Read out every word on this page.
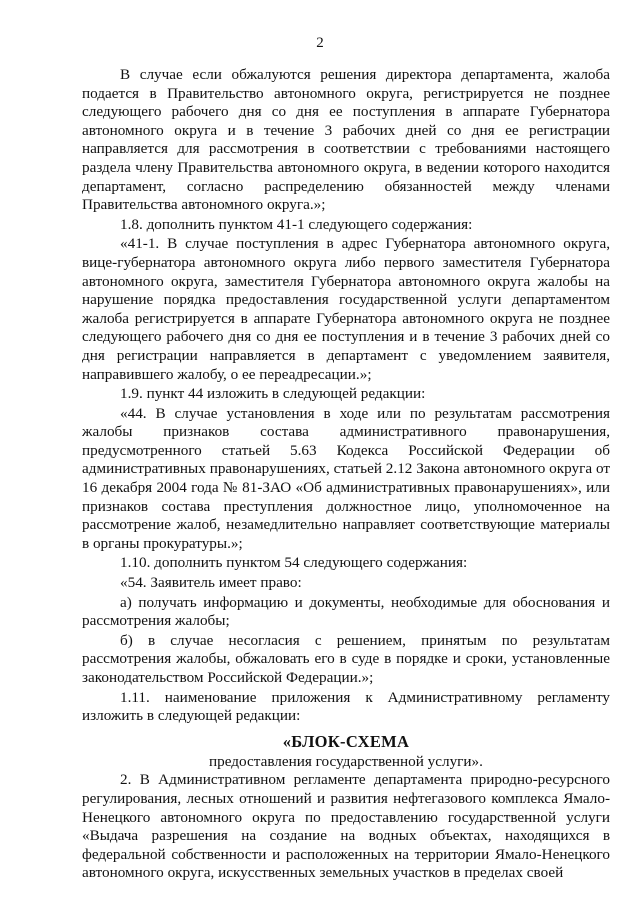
2

В случае если обжалуются решения директора департамента, жалоба подается в Правительство автономного округа, регистрируется не позднее следующего рабочего дня со дня ее поступления в аппарате Губернатора автономного округа и в течение 3 рабочих дней со дня ее регистрации направляется для рассмотрения в соответствии с требованиями настоящего раздела члену Правительства автономного округа, в ведении которого находится департамент, согласно распределению обязанностей между членами Правительства автономного округа.»;

1.8. дополнить пунктом 41-1 следующего содержания:

«41-1. В случае поступления в адрес Губернатора автономного округа, вице-губернатора автономного округа либо первого заместителя Губернатора автономного округа, заместителя Губернатора автономного округа жалобы на нарушение порядка предоставления государственной услуги департаментом жалоба регистрируется в аппарате Губернатора автономного округа не позднее следующего рабочего дня со дня ее поступления и в течение 3 рабочих дней со дня регистрации направляется в департамент с уведомлением заявителя, направившего жалобу, о ее переадресации.»;

1.9. пункт 44 изложить в следующей редакции:

«44. В случае установления в ходе или по результатам рассмотрения жалобы признаков состава административного правонарушения, предусмотренного статьей 5.63 Кодекса Российской Федерации об административных правонарушениях, статьей 2.12 Закона автономного округа от 16 декабря 2004 года № 81-ЗАО «Об административных правонарушениях», или признаков состава преступления должностное лицо, уполномоченное на рассмотрение жалоб, незамедлительно направляет соответствующие материалы в органы прокуратуры.»;

1.10. дополнить пунктом 54 следующего содержания:

«54. Заявитель имеет право:

а) получать информацию и документы, необходимые для обоснования и рассмотрения жалобы;

б) в случае несогласия с решением, принятым по результатам рассмотрения жалобы, обжаловать его в суде в порядке и сроки, установленные законодательством Российской Федерации.»;

1.11. наименование приложения к Административному регламенту изложить в следующей редакции:

«БЛОК-СХЕМА

предоставления государственной услуги».

2. В Административном регламенте департамента природно-ресурсного регулирования, лесных отношений и развития нефтегазового комплекса Ямало-Ненецкого автономного округа по предоставлению государственной услуги «Выдача разрешения на создание на водных объектах, находящихся в федеральной собственности и расположенных на территории Ямало-Ненецкого автономного округа, искусственных земельных участков в пределах своей
